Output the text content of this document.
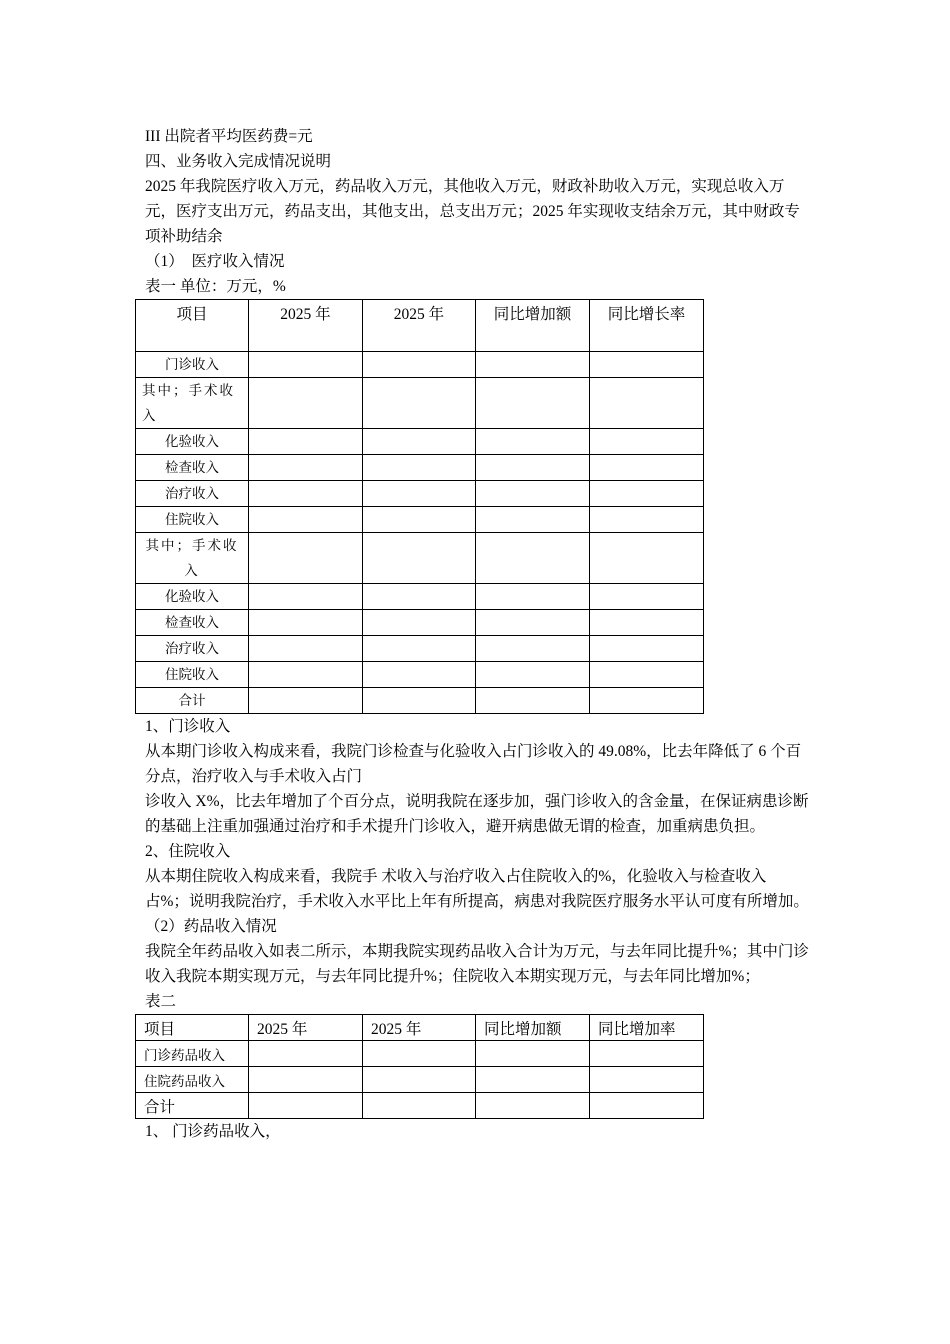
III 出院者平均医药费=元

四、业务收入完成情况说明

2025 年我院医疗收入万元，药品收入万元，其他收入万元，财政补助收入万元，实现总收入万元，医疗支出万元，药品支出，其他支出，总支出万元；2025 年实现收支结余万元，其中财政专项补助结余

（1）　医疗收入情况

表一 单位：万元，%

项目	2025 年	2025 年	同比增加额	同比增长率
门诊收入				
其中；手术收入				
化验收入				
检查收入				
治疗收入				
住院收入				
其中；手术收入				
化验收入				
检查收入				
治疗收入				
住院收入				
合计				

1、门诊收入

从本期门诊收入构成来看，我院门诊检查与化验收入占门诊收入的 49.08%，比去年降低了 6 个百分点，治疗收入与手术收入占门

诊收入 X%，比去年增加了个百分点，说明我院在逐步加，强门诊收入的含金量，在保证病患诊断的基础上注重加强通过治疗和手术提升门诊收入，避开病患做无谓的检查，加重病患负担。

2、住院收入

从本期住院收入构成来看，我院手 术收入与治疗收入占住院收入的%，化验收入与检查收入占%；说明我院治疗，手术收入水平比上年有所提高，病患对我院医疗服务水平认可度有所增加。

（2）药品收入情况

我院全年药品收入如表二所示，本期我院实现药品收入合计为万元，与去年同比提升%；其中门诊收入我院本期实现万元，与去年同比提升%；住院收入本期实现万元，与去年同比增加%；

表二

项目	2025 年	2025 年	同比增加额	同比增加率
门诊药品收入				
住院药品收入				
合计				

1、 门诊药品收入，
